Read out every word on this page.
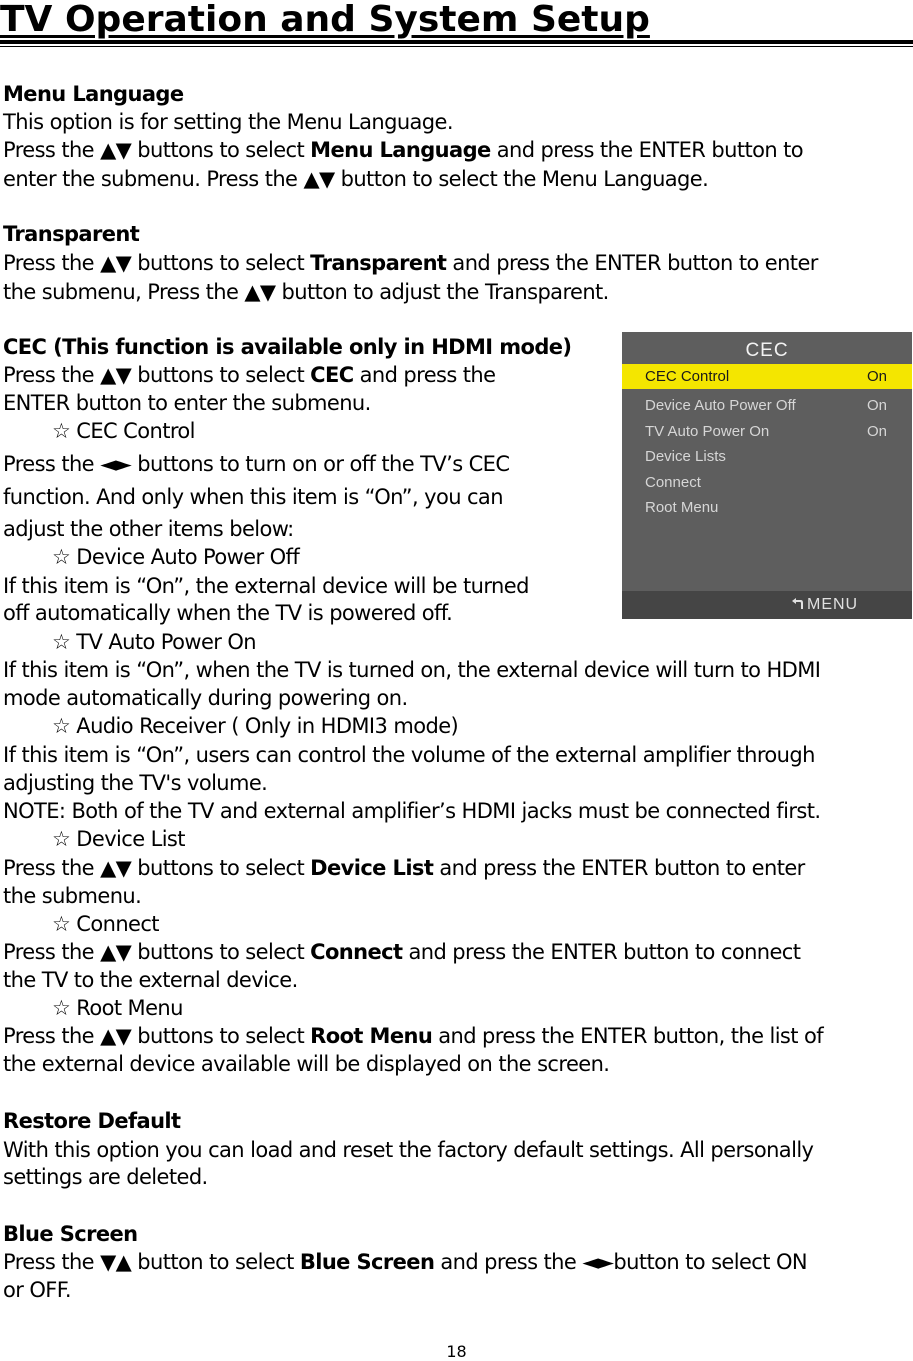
TV Operation and System Setup
Menu Language
This option is for setting the Menu Language.
Press the ▲▼ buttons to select Menu Language and press the ENTER button to
enter the submenu. Press the ▲▼ button to select the Menu Language.
Transparent
Press the ▲▼ buttons to select Transparent and press the ENTER button to enter
the submenu, Press the ▲▼ button to adjust the Transparent.
CEC (This function is available only in HDMI mode)
Press the ▲▼ buttons to select CEC and press the
ENTER button to enter the submenu.
☆ CEC Control
Press the ◄► buttons to turn on or off the TV’s CEC
function. And only when this item is “On”, you can
adjust the other items below:
☆ Device Auto Power Off
If this item is “On”, the external device will be turned
off automatically when the TV is powered off.
☆ TV Auto Power On
If this item is “On”, when the TV is turned on, the external device will turn to HDMI
mode automatically during powering on.
☆ Audio Receiver ( Only in HDMI3 mode)
If this item is “On”, users can control the volume of the external amplifier through
adjusting the TV's volume.
NOTE: Both of the TV and external amplifier’s HDMI jacks must be connected first.
☆ Device List
Press the ▲▼ buttons to select Device List and press the ENTER button to enter
the submenu.
☆ Connect
Press the ▲▼ buttons to select Connect and press the ENTER button to connect
the TV to the external device.
☆ Root Menu
Press the ▲▼ buttons to select Root Menu and press the ENTER button, the list of
the external device available will be displayed on the screen.
Restore Default
With this option you can load and reset the factory default settings. All personally
settings are deleted.
Blue Screen
Press the ▼▲ button to select Blue Screen and press the ◄►button to select ON
or OFF.
CEC
CEC Control	On
Device Auto Power Off	On
TV Auto Power On	On
Device Lists
Connect
Root Menu
MENU
18
